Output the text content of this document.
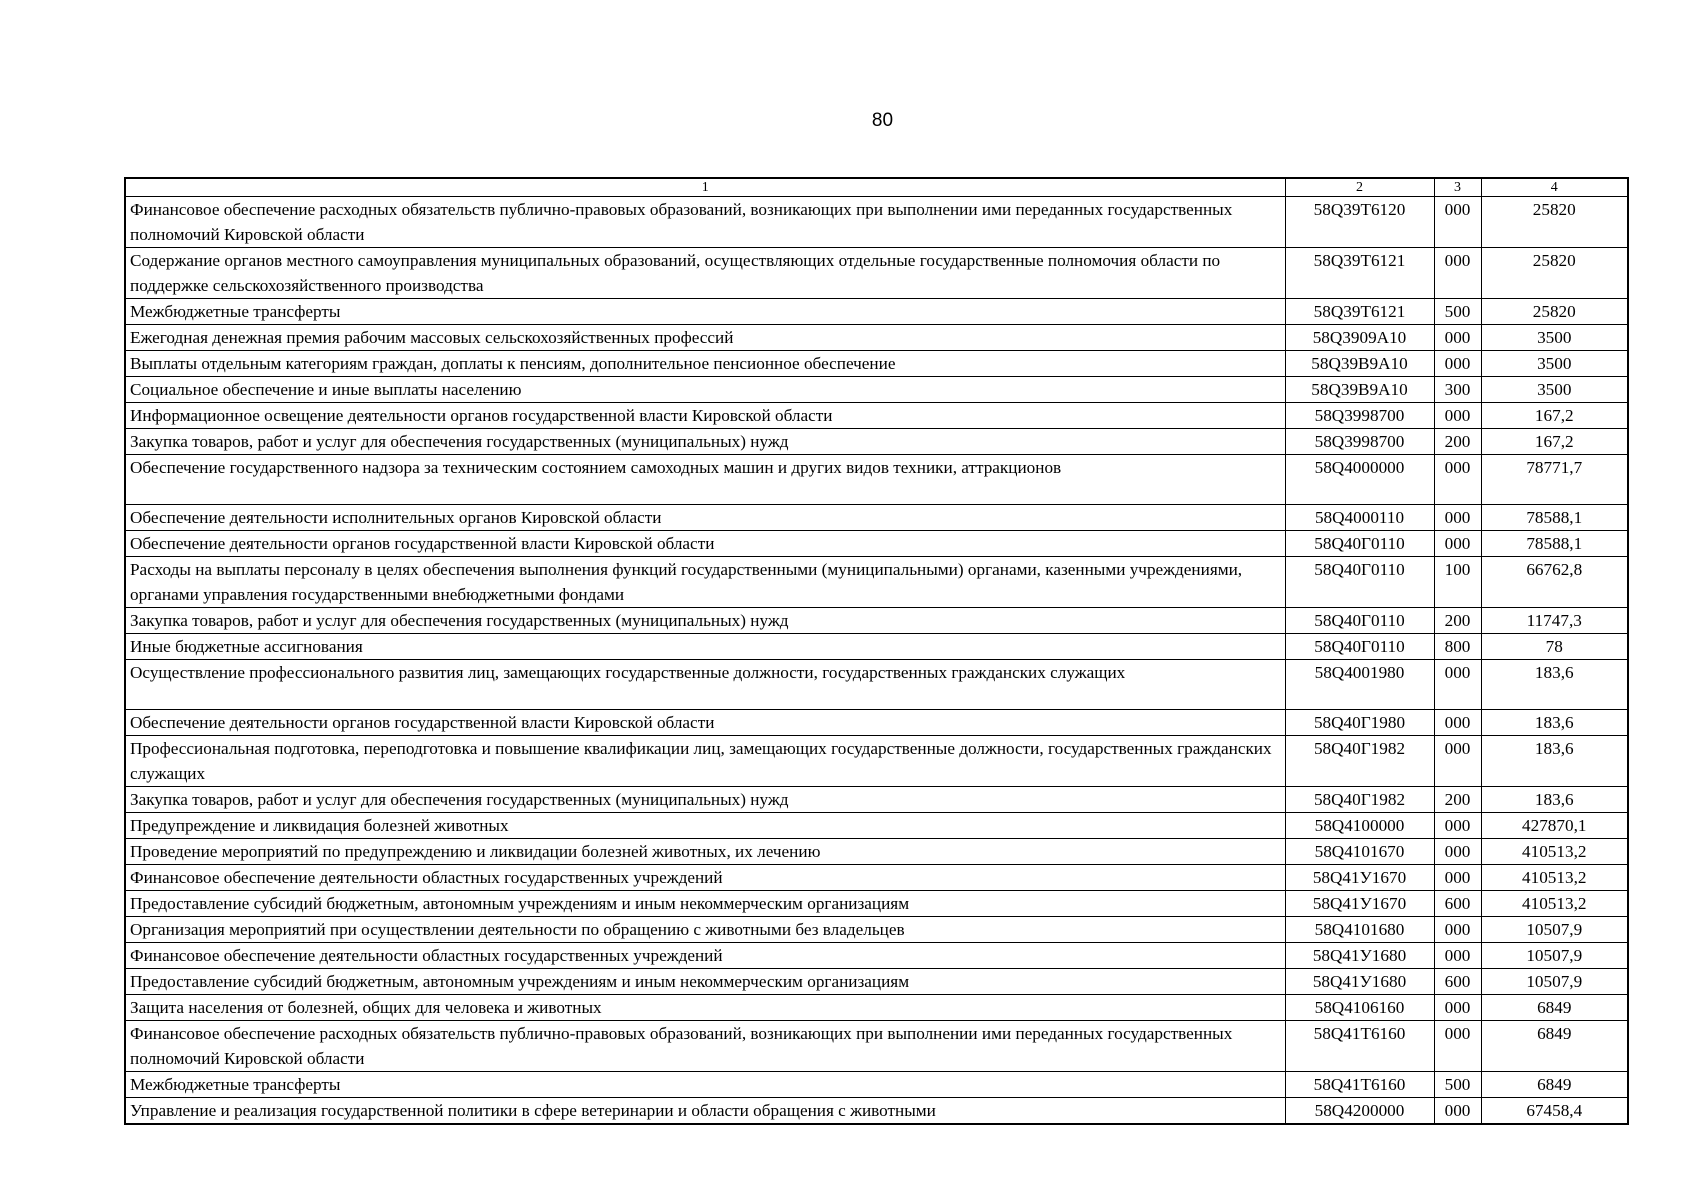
80
1	2	3	4
Финансовое обеспечение расходных обязательств публично-правовых образований, возникающих при выполнении ими переданных государственных полномочий Кировской области	58Q39T6120	000	25820
Содержание органов местного самоуправления муниципальных образований, осуществляющих отдельные государственные полномочия области по поддержке сельскохозяйственного производства	58Q39T6121	000	25820
Межбюджетные трансферты	58Q39T6121	500	25820
Ежегодная денежная премия рабочим массовых сельскохозяйственных профессий	58Q3909A10	000	3500
Выплаты отдельным категориям граждан, доплаты к пенсиям, дополнительное пенсионное обеспечение	58Q39B9A10	000	3500
Социальное обеспечение и иные выплаты населению	58Q39B9A10	300	3500
Информационное освещение деятельности органов государственной власти Кировской области	58Q3998700	000	167,2
Закупка товаров, работ и услуг для обеспечения государственных (муниципальных) нужд	58Q3998700	200	167,2
Обеспечение государственного надзора за техническим состоянием самоходных машин и других видов техники, аттракционов	58Q4000000	000	78771,7
Обеспечение деятельности исполнительных органов Кировской области	58Q4000110	000	78588,1
Обеспечение деятельности органов государственной власти Кировской области	58Q40Г0110	000	78588,1
Расходы на выплаты персоналу в целях обеспечения выполнения функций государственными (муниципальными) органами, казенными учреждениями, органами управления государственными внебюджетными фондами	58Q40Г0110	100	66762,8
Закупка товаров, работ и услуг для обеспечения государственных (муниципальных) нужд	58Q40Г0110	200	11747,3
Иные бюджетные ассигнования	58Q40Г0110	800	78
Осуществление профессионального развития лиц, замещающих государственные должности, государственных гражданских служащих	58Q4001980	000	183,6
Обеспечение деятельности органов государственной власти Кировской области	58Q40Г1980	000	183,6
Профессиональная подготовка, переподготовка и повышение квалификации лиц, замещающих государственные должности, государственных гражданских служащих	58Q40Г1982	000	183,6
Закупка товаров, работ и услуг для обеспечения государственных (муниципальных) нужд	58Q40Г1982	200	183,6
Предупреждение и ликвидация болезней животных	58Q4100000	000	427870,1
Проведение мероприятий по предупреждению и ликвидации болезней животных, их лечению	58Q4101670	000	410513,2
Финансовое обеспечение деятельности областных государственных учреждений	58Q41У1670	000	410513,2
Предоставление субсидий бюджетным, автономным учреждениям и иным некоммерческим организациям	58Q41У1670	600	410513,2
Организация мероприятий при осуществлении деятельности по обращению с животными без владельцев	58Q4101680	000	10507,9
Финансовое обеспечение деятельности областных государственных учреждений	58Q41У1680	000	10507,9
Предоставление субсидий бюджетным, автономным учреждениям и иным некоммерческим организациям	58Q41У1680	600	10507,9
Защита населения от болезней, общих для человека и животных	58Q4106160	000	6849
Финансовое обеспечение расходных обязательств публично-правовых образований, возникающих при выполнении ими переданных государственных полномочий Кировской области	58Q41T6160	000	6849
Межбюджетные трансферты	58Q41T6160	500	6849
Управление и реализация государственной политики в сфере ветеринарии и области обращения с животными	58Q4200000	000	67458,4
